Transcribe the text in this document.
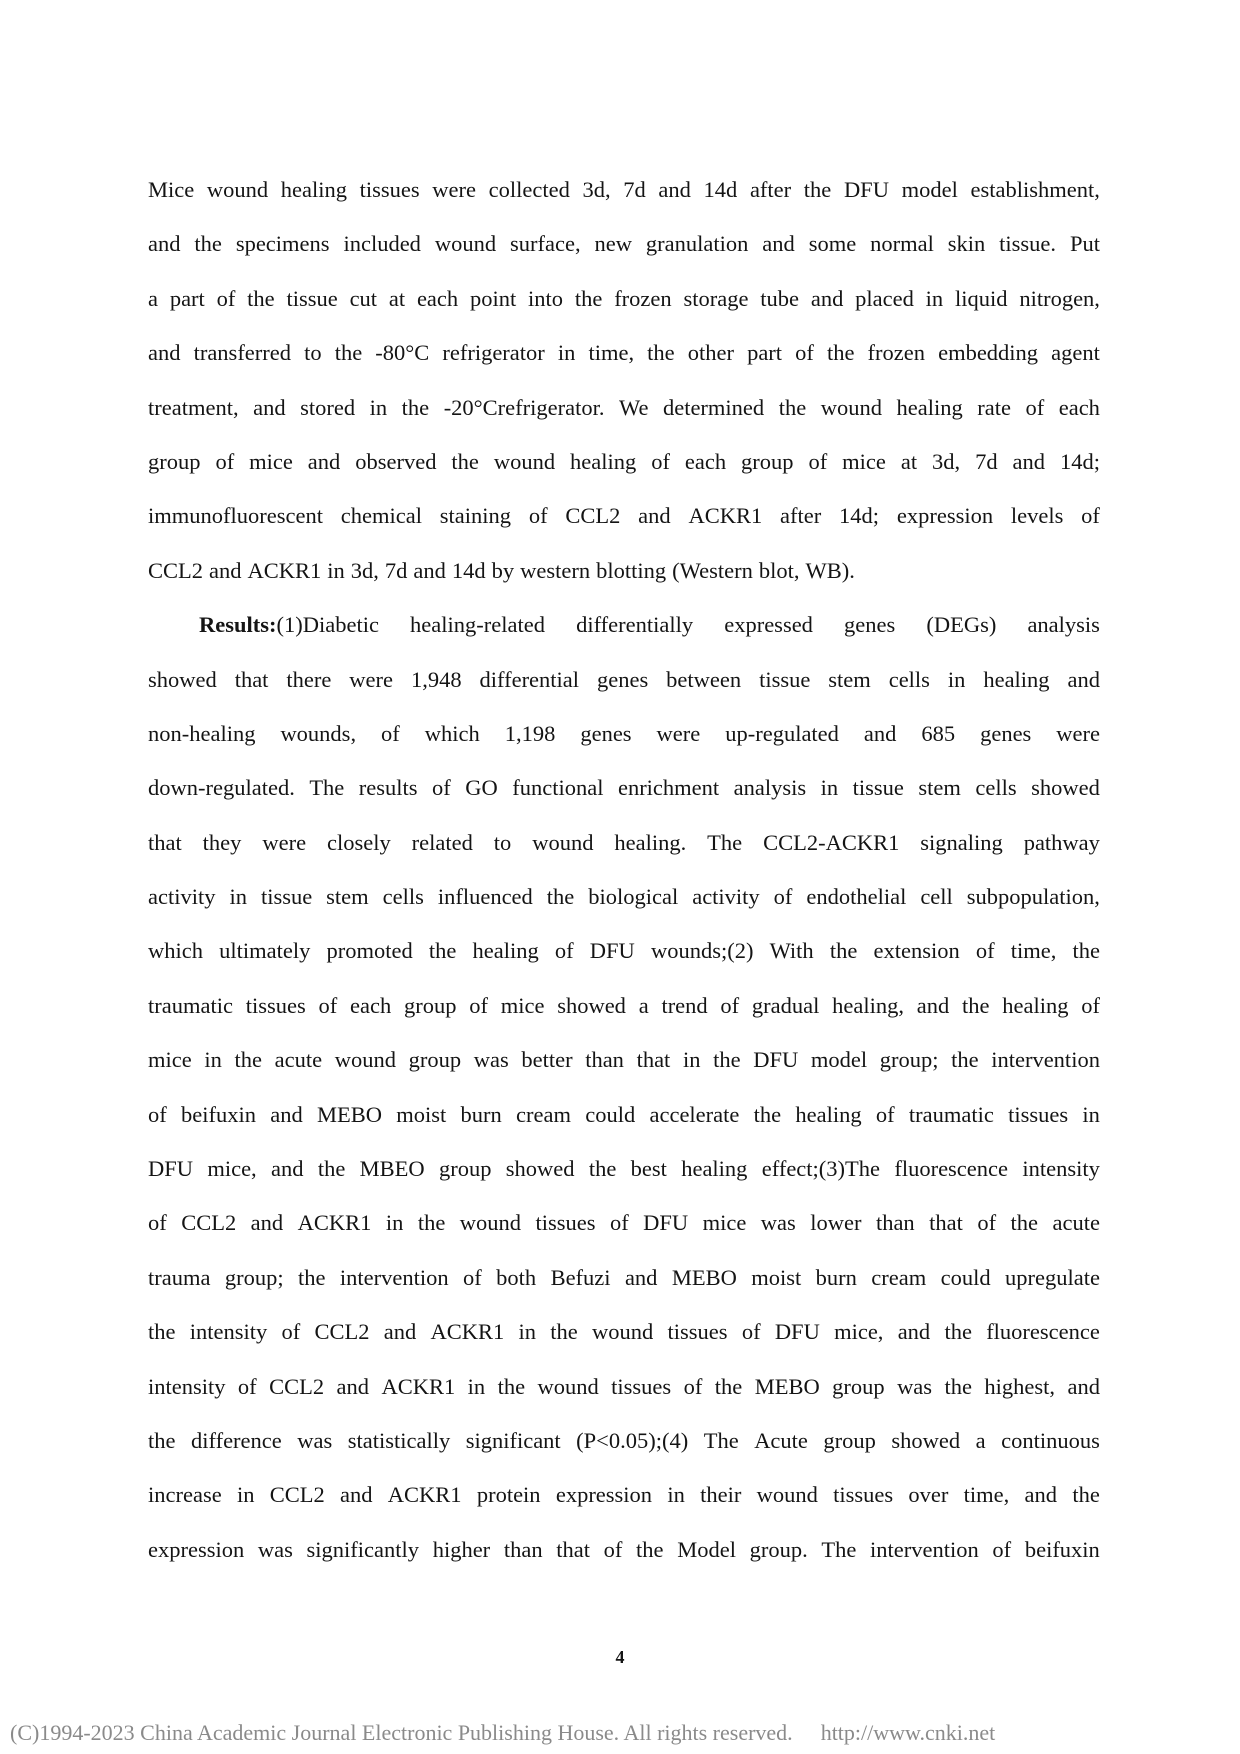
Mice wound healing tissues were collected 3d, 7d and 14d after the DFU model establishment,
and the specimens included wound surface, new granulation and some normal skin tissue. Put
a part of the tissue cut at each point into the frozen storage tube and placed in liquid nitrogen,
and transferred to the -80°C refrigerator in time, the other part of the frozen embedding agent
treatment, and stored in the -20°Crefrigerator. We determined the wound healing rate of each
group of mice and observed the wound healing of each group of mice at 3d, 7d and 14d;
immunofluorescent chemical staining of CCL2 and ACKR1 after 14d; expression levels of
CCL2 and ACKR1 in 3d, 7d and 14d by western blotting (Western blot, WB).
Results:(1)Diabetic healing-related differentially expressed genes (DEGs) analysis
showed that there were 1,948 differential genes between tissue stem cells in healing and
non-healing wounds, of which 1,198 genes were up-regulated and 685 genes were
down-regulated. The results of GO functional enrichment analysis in tissue stem cells showed
that they were closely related to wound healing. The CCL2-ACKR1 signaling pathway
activity in tissue stem cells influenced the biological activity of endothelial cell subpopulation,
which ultimately promoted the healing of DFU wounds;(2) With the extension of time, the
traumatic tissues of each group of mice showed a trend of gradual healing, and the healing of
mice in the acute wound group was better than that in the DFU model group; the intervention
of beifuxin and MEBO moist burn cream could accelerate the healing of traumatic tissues in
DFU mice, and the MBEO group showed the best healing effect;(3)The fluorescence intensity
of CCL2 and ACKR1 in the wound tissues of DFU mice was lower than that of the acute
trauma group; the intervention of both Befuzi and MEBO moist burn cream could upregulate
the intensity of CCL2 and ACKR1 in the wound tissues of DFU mice, and the fluorescence
intensity of CCL2 and ACKR1 in the wound tissues of the MEBO group was the highest, and
the difference was statistically significant (P<0.05);(4) The Acute group showed a continuous
increase in CCL2 and ACKR1 protein expression in their wound tissues over time, and the
expression was significantly higher than that of the Model group. The intervention of beifuxin
4
(C)1994-2023 China Academic Journal Electronic Publishing House. All rights reserved. http://www.cnki.net
